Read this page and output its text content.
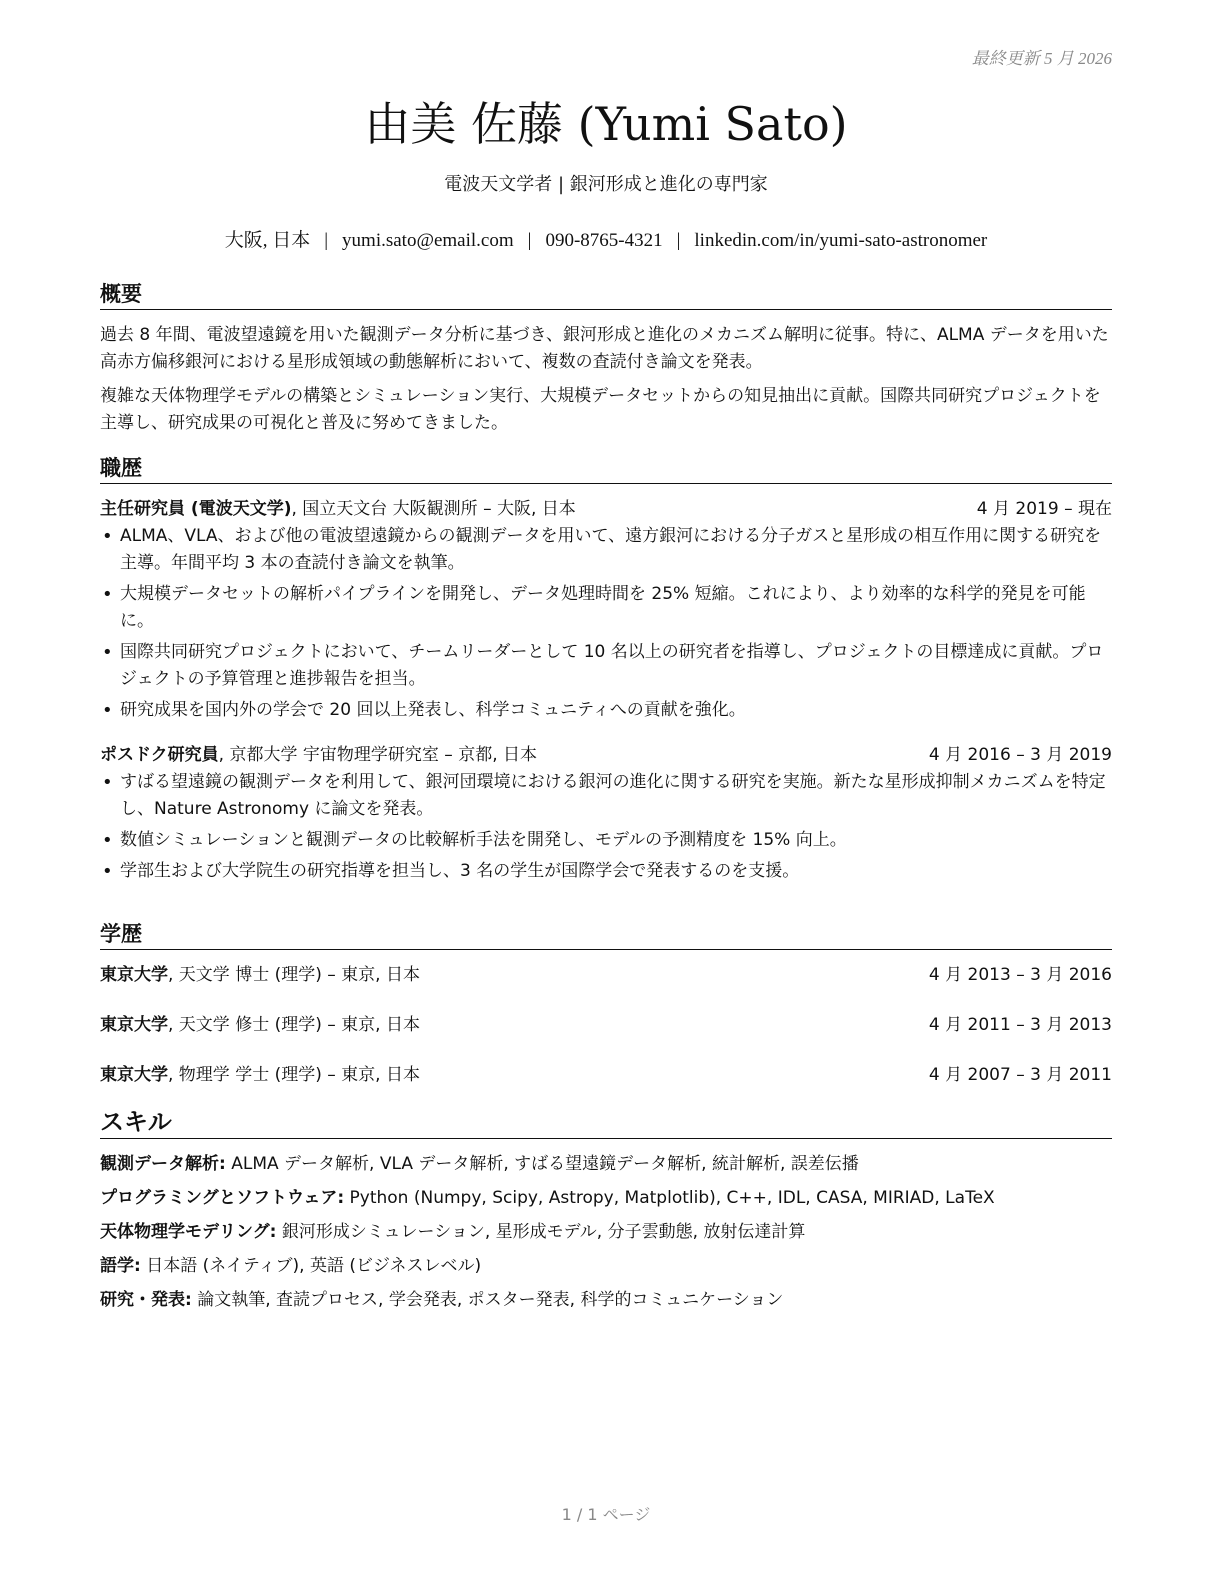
最終更新 5 月 2026
由美 佐藤 (Yumi Sato)
電波天文学者 | 銀河形成と進化の専門家
大阪, 日本 | yumi.sato@email.com | 090-8765-4321 | linkedin.com/in/yumi-sato-astronomer
概要

過去 8 年間、電波望遠鏡を用いた観測データ分析に基づき、銀河形成と進化のメカニズム解明に従事。特に、ALMA データを用いた高赤方偏移銀河における星形成領域の動態解析において、複数の査読付き論文を発表。

複雑な天体物理学モデルの構築とシミュレーション実行、大規模データセットからの知見抽出に貢献。国際共同研究プロジェクトを主導し、研究成果の可視化と普及に努めてきました。

職歴
主任研究員 (電波天文学), 国立天文台 大阪観測所 – 大阪, 日本	4 月 2019 – 現在
• ALMA、VLA、および他の電波望遠鏡からの観測データを用いて、遠方銀河における分子ガスと星形成の相互作用に関する研究を主導。年間平均 3 本の査読付き論文を執筆。
• 大規模データセットの解析パイプラインを開発し、データ処理時間を 25% 短縮。これにより、より効率的な科学的発見を可能に。
• 国際共同研究プロジェクトにおいて、チームリーダーとして 10 名以上の研究者を指導し、プロジェクトの目標達成に貢献。プロジェクトの予算管理と進捗報告を担当。
• 研究成果を国内外の学会で 20 回以上発表し、科学コミュニティへの貢献を強化。
ポスドク研究員, 京都大学 宇宙物理学研究室 – 京都, 日本	4 月 2016 – 3 月 2019
• すばる望遠鏡の観測データを利用して、銀河団環境における銀河の進化に関する研究を実施。新たな星形成抑制メカニズムを特定し、Nature Astronomy に論文を発表。
• 数値シミュレーションと観測データの比較解析手法を開発し、モデルの予測精度を 15% 向上。
• 学部生および大学院生の研究指導を担当し、3 名の学生が国際学会で発表するのを支援。
学歴
東京大学, 天文学 博士 (理学) – 東京, 日本	4 月 2013 – 3 月 2016
東京大学, 天文学 修士 (理学) – 東京, 日本	4 月 2011 – 3 月 2013
東京大学, 物理学 学士 (理学) – 東京, 日本	4 月 2007 – 3 月 2011
スキル
観測データ解析: ALMA データ解析, VLA データ解析, すばる望遠鏡データ解析, 統計解析, 誤差伝播
プログラミングとソフトウェア: Python (Numpy, Scipy, Astropy, Matplotlib), C++, IDL, CASA, MIRIAD, LaTeX
天体物理学モデリング: 銀河形成シミュレーション, 星形成モデル, 分子雲動態, 放射伝達計算
語学: 日本語 (ネイティブ), 英語 (ビジネスレベル)
研究・発表: 論文執筆, 査読プロセス, 学会発表, ポスター発表, 科学的コミュニケーション
1 / 1 ページ
